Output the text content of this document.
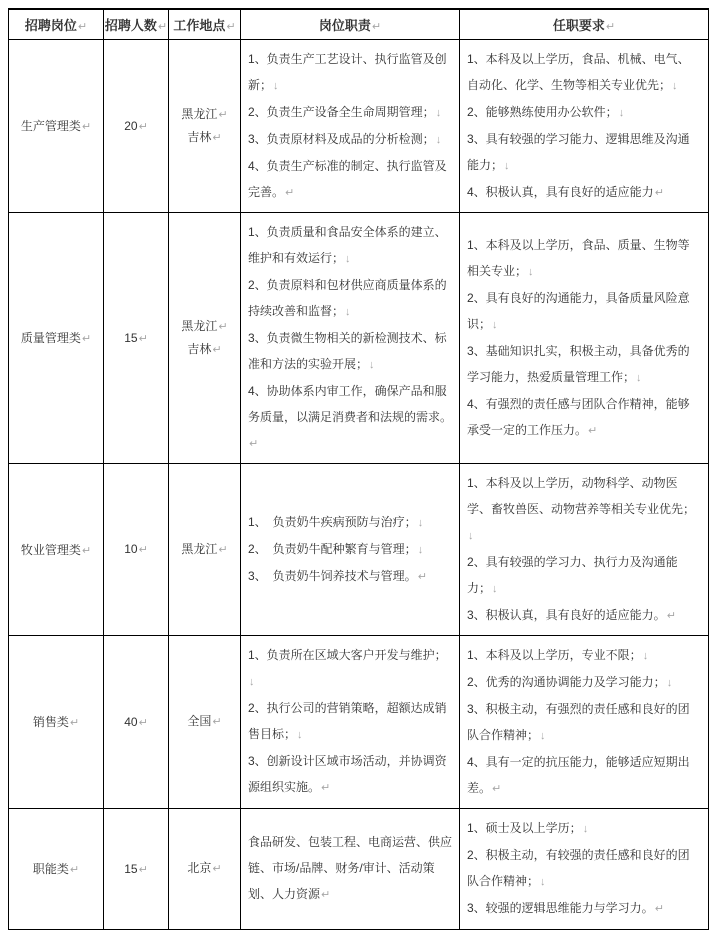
招聘岗位↵	招聘人数↵	工作地点↵	岗位职责↵	任职要求↵
生产管理类↵	20↵	
黑龙江↵
吉林↵

1、负责生产工艺设计、执行监管及创新；↓
2、负责生产设备全生命周期管理；↓
3、负责原材料及成品的分析检测；↓
4、负责生产标准的制定、执行监管及完善。↵

1、本科及以上学历，食品、机械、电气、自动化、化学、生物等相关专业优先；↓
2、能够熟练使用办公软件；↓
3、具有较强的学习能力、逻辑思维及沟通能力；↓
4、积极认真，具有良好的适应能力↵

质量管理类↵	15↵	
黑龙江↵
吉林↵

1、负责质量和食品安全体系的建立、维护和有效运行；↓
2、负责原料和包材供应商质量体系的持续改善和监督；↓
3、负责微生物相关的新检测技术、标准和方法的实验开展；↓
4、协助体系内审工作，确保产品和服务质量，以满足消费者和法规的需求。↵

1、本科及以上学历，食品、质量、生物等相关专业；↓
2、具有良好的沟通能力，具备质量风险意识；↓
3、基础知识扎实，积极主动，具备优秀的学习能力，热爱质量管理工作；↓
4、有强烈的责任感与团队合作精神，能够承受一定的工作压力。↵

牧业管理类↵	10↵	黑龙江↵

1、　负责奶牛疾病预防与治疗；↓
2、　负责奶牛配种繁育与管理；↓
3、　负责奶牛饲养技术与管理。↵

1、本科及以上学历，动物科学、动物医学、畜牧兽医、动物营养等相关专业优先；↓
2、具有较强的学习力、执行力及沟通能力；↓
3、积极认真，具有良好的适应能力。↵

销售类↵	40↵	全国↵

1、负责所在区域大客户开发与维护；↓
2、执行公司的营销策略，超额达成销售目标；↓
3、创新设计区域市场活动，并协调资源组织实施。↵

1、本科及以上学历，专业不限；↓
2、优秀的沟通协调能力及学习能力；↓
3、积极主动，有强烈的责任感和良好的团队合作精神；↓
4、具有一定的抗压能力，能够适应短期出差。↵

职能类↵	15↵	北京↵	食品研发、包装工程、电商运营、供应链、市场/品牌、财务/审计、活动策划、人力资源↵	1、硕士及以上学历；↓
2、积极主动，有较强的责任感和良好的团队合作精神；↓
3、较强的逻辑思维能力与学习力。↵
